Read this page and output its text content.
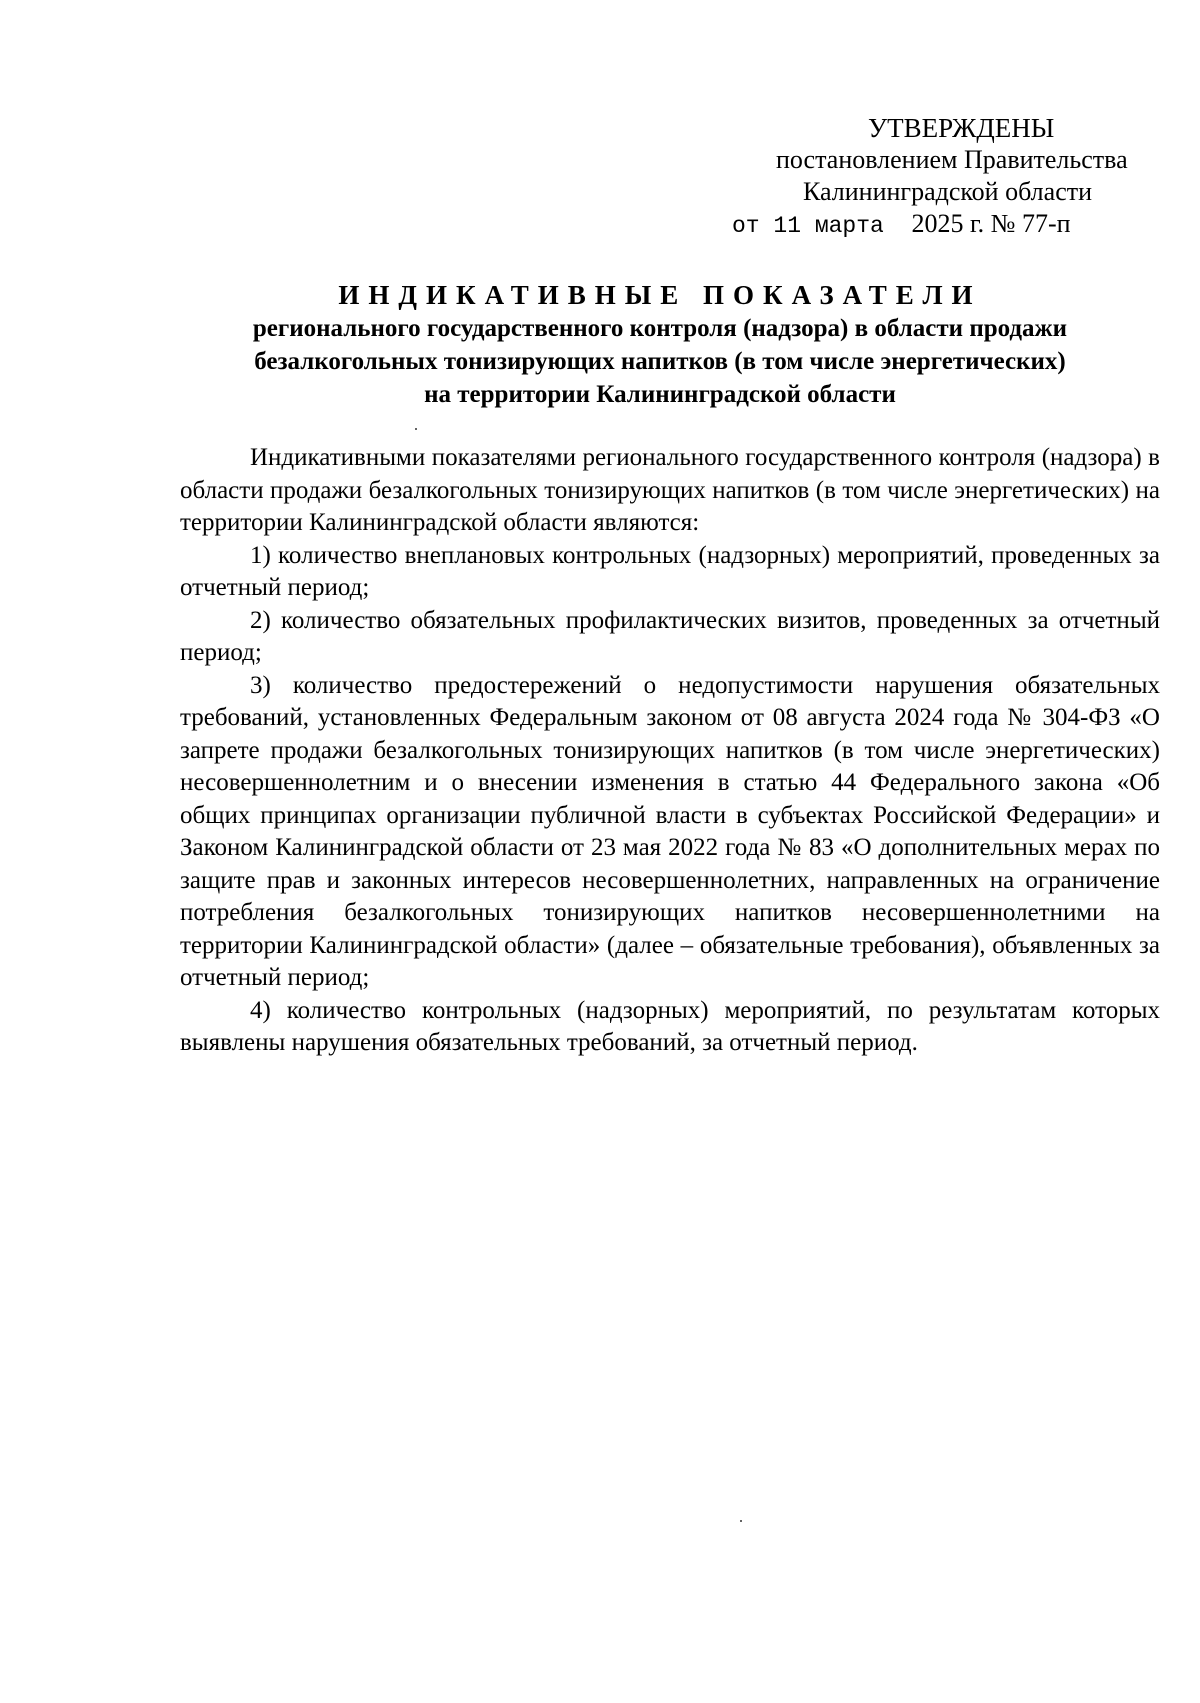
УТВЕРЖДЕНЫ
постановлением Правительства
Калининградской области
от 11 марта 2025 г. № 77-п
ИНДИКАТИВНЫЕ ПОКАЗАТЕЛИ
регионального государственного контроля (надзора) в области продажи
безалкогольных тонизирующих напитков (в том числе энергетических)
на территории Калининградской области

Индикативными показателями регионального государственного контроля (надзора) в области продажи безалкогольных тонизирующих напитков (в том числе энергетических) на территории Калининградской области являются:

1) количество внеплановых контрольных (надзорных) мероприятий, проведенных за отчетный период;

2) количество обязательных профилактических визитов, проведенных за отчетный период;

3) количество предостережений о недопустимости нарушения обязательных требований, установленных Федеральным законом от 08 августа 2024 года № 304-ФЗ «О запрете продажи безалкогольных тонизирующих напитков (в том числе энергетических) несовершеннолетним и о внесении изменения в статью 44 Федерального закона «Об общих принципах организации публичной власти в субъектах Российской Федерации» и Законом Калининградской области от 23 мая 2022 года № 83 «О дополнительных мерах по защите прав и законных интересов несовершеннолетних, направленных на ограничение потребления безалкогольных тонизирующих напитков несовершеннолетними на территории Калининградской области» (далее – обязательные требования), объявленных за отчетный период;

4) количество контрольных (надзорных) мероприятий, по результатам которых выявлены нарушения обязательных требований, за отчетный период.
